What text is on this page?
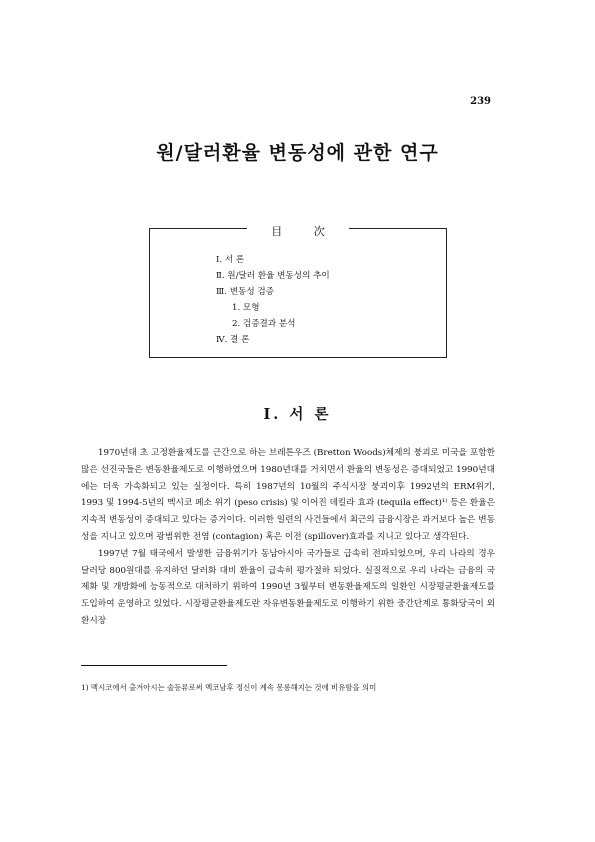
239
원/달러환율 변동성에 관한 연구
目 次
Ⅰ. 서 론
Ⅱ. 원/달러 환율 변동성의 추이
Ⅲ. 변동성 검증
1. 모형
2. 검증결과 분석
Ⅳ. 결 론
Ⅰ. 서 론

1970년대 초 고정환율제도를 근간으로 하는 브레튼우즈 (Bretton Woods)체제의 붕괴로 미국을 포함한 많은 선진국들은 변동환율제도로 이행하였으며 1980년대를 거치면서 환율의 변동성은 증대되었고 1990년대에는 더욱 가속화되고 있는 실정이다. 특히 1987년의 10월의 주식시장 붕괴이후 1992년의 ERM위기, 1993 및 1994-5년의 멕시코 페소 위기 (peso crisis) 및 이어진 데킬라 효과 (tequila effect)¹⁾ 등은 환율은 지속적 변동성이 증대되고 있다는 증거이다. 이러한 일련의 사건들에서 최근의 금융시장은 과거보다 높은 변동성을 지니고 있으며 광범위한 전염 (contagion) 혹은 이전 (spillover)효과를 지니고 있다고 생각된다.

1997년 7월 태국에서 발생한 금융위기가 동남아시아 국가들로 급속히 전파되었으며, 우리 나라의 경우 달러당 800원대를 유지하던 달러화 대비 환율이 급속히 평가절하 되었다. 실질적으로 우리 나라는 금융의 국제화 및 개방화에 능동적으로 대처하기 위하여 1990년 3월부터 변동환율제도의 일환인 시장평균환율제도를 도입하여 운영하고 있었다. 시장평균환율제도란 자유변동환율제도로 이행하기 위한 중간단계로 통화당국이 외환시장

1) 멕시코에서 출겨아시는 술등류로써 멕코남후 정신이 계속 몽롱해지는 것에 비유함을 의미
